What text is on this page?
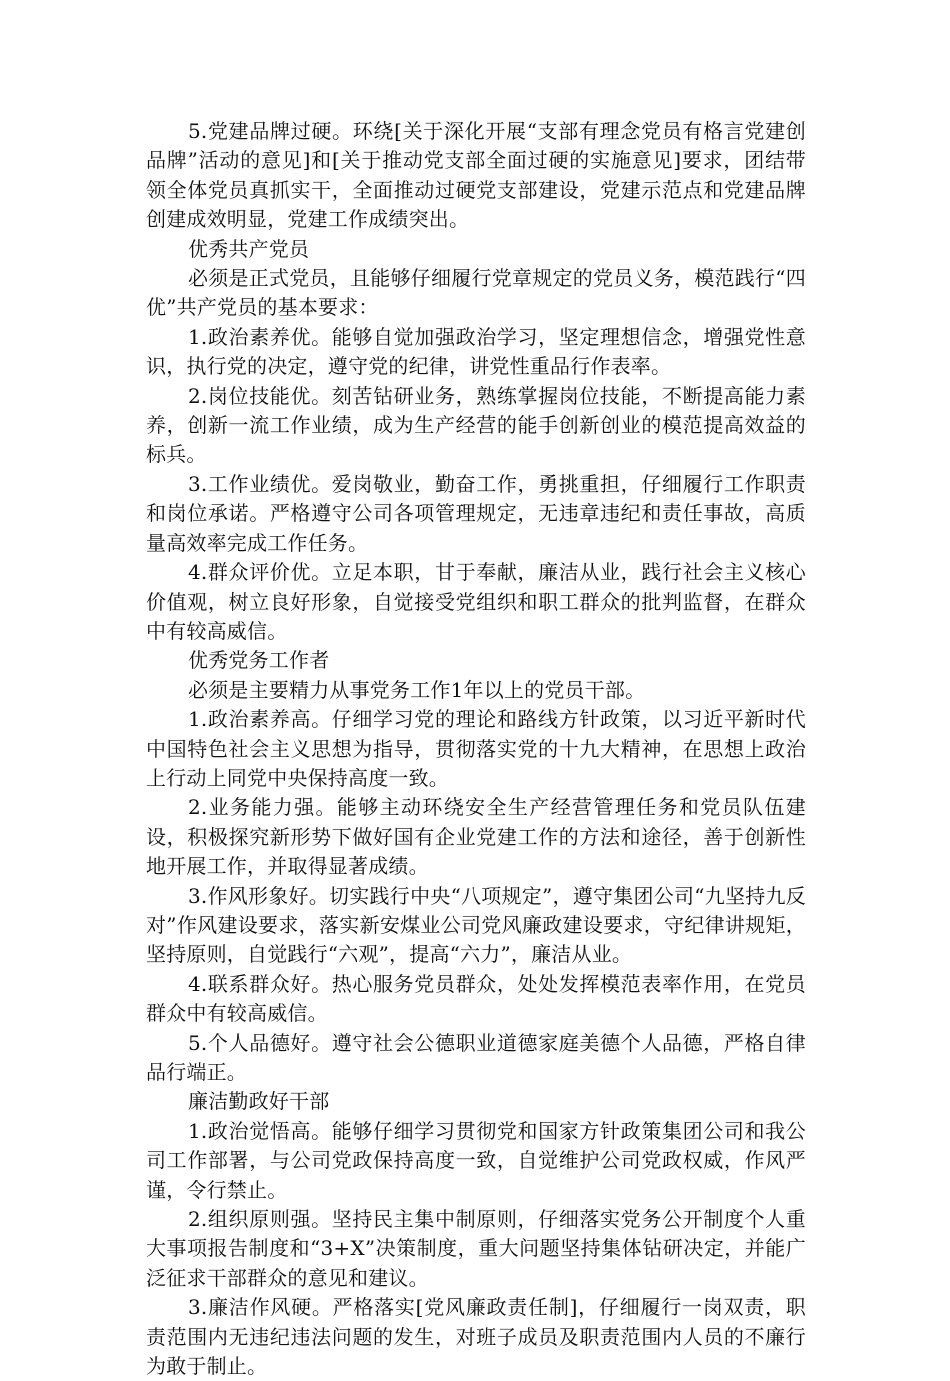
5.党建品牌过硬。环绕[关于深化开展“支部有理念党员有格言党建创品牌”活动的意见]和[关于推动党支部全面过硬的实施意见]要求，团结带领全体党员真抓实干，全面推动过硬党支部建设，党建示范点和党建品牌创建成效明显，党建工作成绩突出。

优秀共产党员

必须是正式党员，且能够仔细履行党章规定的党员义务，模范践行“四优”共产党员的基本要求：

1.政治素养优。能够自觉加强政治学习，坚定理想信念，增强党性意识，执行党的决定，遵守党的纪律，讲党性重品行作表率。

2.岗位技能优。刻苦钻研业务，熟练掌握岗位技能，不断提高能力素养，创新一流工作业绩，成为生产经营的能手创新创业的模范提高效益的标兵。

3.工作业绩优。爱岗敬业，勤奋工作，勇挑重担，仔细履行工作职责和岗位承诺。严格遵守公司各项管理规定，无违章违纪和责任事故，高质量高效率完成工作任务。

4.群众评价优。立足本职，甘于奉献，廉洁从业，践行社会主义核心价值观，树立良好形象，自觉接受党组织和职工群众的批判监督，在群众中有较高威信。

优秀党务工作者

必须是主要精力从事党务工作1年以上的党员干部。

1.政治素养高。仔细学习党的理论和路线方针政策，以习近平新时代中国特色社会主义思想为指导，贯彻落实党的十九大精神，在思想上政治上行动上同党中央保持高度一致。

2.业务能力强。能够主动环绕安全生产经营管理任务和党员队伍建设，积极探究新形势下做好国有企业党建工作的方法和途径，善于创新性地开展工作，并取得显著成绩。

3.作风形象好。切实践行中央“八项规定”，遵守集团公司“九坚持九反对”作风建设要求，落实新安煤业公司党风廉政建设要求，守纪律讲规矩，坚持原则，自觉践行“六观”，提高“六力”，廉洁从业。

4.联系群众好。热心服务党员群众，处处发挥模范表率作用，在党员群众中有较高威信。

5.个人品德好。遵守社会公德职业道德家庭美德个人品德，严格自律品行端正。

廉洁勤政好干部

1.政治觉悟高。能够仔细学习贯彻党和国家方针政策集团公司和我公司工作部署，与公司党政保持高度一致，自觉维护公司党政权威，作风严谨，令行禁止。

2.组织原则强。坚持民主集中制原则，仔细落实党务公开制度个人重大事项报告制度和“3+X”决策制度，重大问题坚持集体钻研决定，并能广泛征求干部群众的意见和建议。

3.廉洁作风硬。严格落实[党风廉政责任制]，仔细履行一岗双责，职责范围内无违纪违法问题的发生，对班子成员及职责范围内人员的不廉行为敢于制止。
